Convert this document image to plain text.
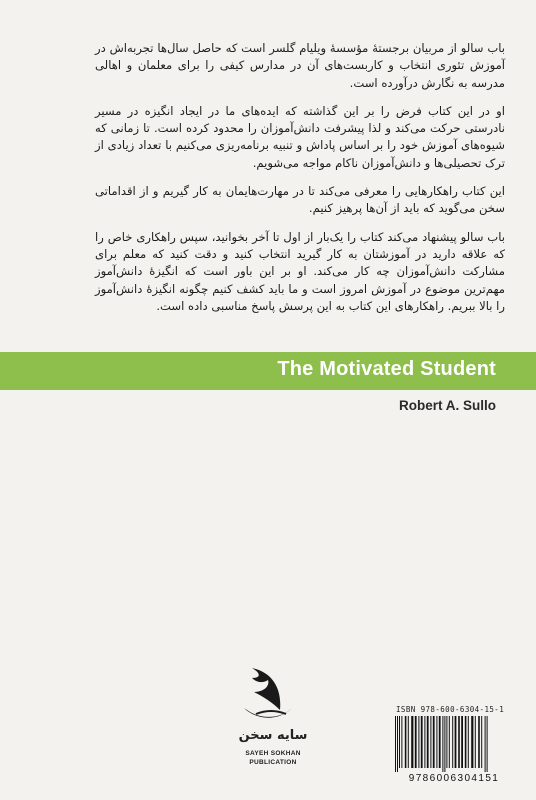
باب سالو از مربیان برجستهٔ مؤسسهٔ ویلیام گلسر است که حاصل سال‌ها تجربه‌اش در آموزش تئوری انتخاب و کاربست‌های آن در مدارس کیفی را برای معلمان و اهالی مدرسه به نگارش درآورده است.

او در این کتاب فرض را بر این گذاشته که ایده‌های ما در ایجاد انگیزه در مسیر نادرستی حرکت می‌کند و لذا پیشرفت دانش‌آموزان را محدود کرده است. تا زمانی که شیوه‌های آموزش خود را بر اساس پاداش و تنبیه برنامه‌ریزی می‌کنیم با تعداد زیادی از ترک تحصیلی‌ها و دانش‌آموزان ناکام مواجه می‌شویم.

این کتاب راهکارهایی را معرفی می‌کند تا در مهارت‌هایمان به کار گیریم و از اقداماتی سخن می‌گوید که باید از آن‌ها پرهیز کنیم.

باب سالو پیشنهاد می‌کند کتاب را یک‌بار از اول تا آخر بخوانید، سپس راهکاری خاص را که علاقه دارید در آموزشتان به کار گیرید انتخاب کنید و دقت کنید که معلم برای مشارکت دانش‌آموزان چه کار می‌کند. او بر این باور است که انگیزهٔ دانش‌آموز مهم‌ترین موضوع در آموزش امروز است و ما باید کشف کنیم چگونه انگیزهٔ دانش‌آموز را بالا ببریم. راهکارهای این کتاب به این پرسش پاسخ مناسبی داده است.

The Motivated Student
Robert A. Sullo
سایه سخن
SAYEH SOKHAN
PUBLICATION
ISBN 978-600-6304-15-1
9786006304151
